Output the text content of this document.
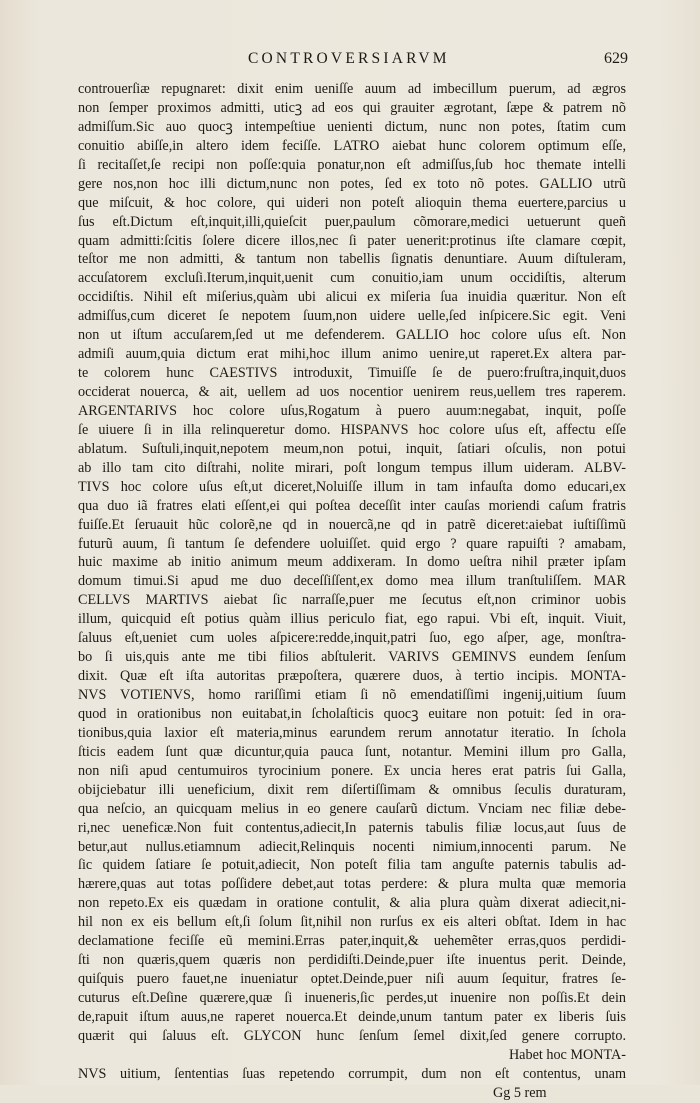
CONTROVERSIARVM	629
controuerſiæ repugnaret: dixit enim ueniſſe auum ad imbecillum puerum, ad ægros
non ſemper proximos admitti, uticꝫ ad eos qui grauiter ægrotant, ſæpe & patrem nõ
admiſſum.Sic auo quocꝫ intempeſtiue uenienti dictum, nunc non potes, ſtatim cum
conuitio abiſſe,in altero idem feciſſe. LATRO aiebat hunc colorem optimum eſſe,
ſi recitaſſet,ſe recipi non poſſe:quia ponatur,non eſt admiſſus,ſub hoc themate intelli
gere nos,non hoc illi dictum,nunc non potes, ſed ex toto nõ potes. GALLIO utrũ
que miſcuit, & hoc colore, qui uideri non poteſt alioquin thema euertere,parcius u
ſus eſt.Dictum eſt,inquit,illi,quieſcit puer,paulum cõmorare,medici uetuerunt queñ
quam admitti:ſcitis ſolere dicere illos,nec ſi pater uenerit:protinus iſte clamare cœpit,
teſtor me non admitti, & tantum non tabellis ſignatis denuntiare. Auum diſtuleram,
accuſatorem excluſi.Iterum,inquit,uenit cum conuitio,iam unum occidiſtis, alterum
occidiſtis. Nihil eſt miſerius,quàm ubi alicui ex miſeria ſua inuidia quæritur. Non eſt
admiſſus,cum diceret ſe nepotem ſuum,non uidere uelle,ſed inſpicere.Sic egit. Veni
non ut iſtum accuſarem,ſed ut me defenderem. GALLIO hoc colore uſus eſt. Non
admiſi auum,quia dictum erat mihi,hoc illum animo uenire,ut raperet.Ex altera par-
te colorem hunc CAESTIVS introduxit, Timuiſſe ſe de puero:fruſtra,inquit,duos
occiderat nouerca, & ait, uellem ad uos nocentior uenirem reus,uellem tres raperem.
ARGENTARIVS hoc colore uſus,Rogatum à puero auum:negabat, inquit, poſſe
ſe uiuere ſi in illa relinqueretur domo. HISPANVS hoc colore uſus eſt, affectu eſſe
ablatum. Suſtuli,inquit,nepotem meum,non potui, inquit, ſatiari oſculis, non potui
ab illo tam cito diſtrahi, nolite mirari, poſt longum tempus illum uideram. ALBV-
TIVS hoc colore uſus eſt,ut diceret,Noluiſſe illum in tam infauſta domo educari,ex
qua duo iã fratres elati eſſent,ei qui poſtea deceſſit inter cauſas moriendi caſum fratris
fuiſſe.Et ſeruauit hũc colorẽ,ne qd in nouercã,ne qd in patrẽ diceret:aiebat iuſtiſſimũ
futurũ auum, ſi tantum ſe defendere uoluiſſet. quid ergo ? quare rapuiſti ? amabam,
huic maxime ab initio animum meum addixeram. In domo ueſtra nihil præter ipſam
domum timui.Si apud me duo deceſſiſſent,ex domo mea illum tranſtuliſſem. MAR
CELLVS MARTIVS aiebat ſic narraſſe,puer me ſecutus eſt,non criminor uobis
illum, quicquid eſt potius quàm illius periculo fiat, ego rapui. Vbi eſt, inquit. Viuit,
ſaluus eſt,ueniet cum uoles aſpicere:redde,inquit,patri ſuo, ego aſper, age, monſtra-
bo ſi uis,quis ante me tibi filios abſtulerit. VARIVS GEMINVS eundem ſenſum
dixit. Quæ eſt iſta autoritas præpoſtera, quærere duos, à tertio incipis. MONTA-
NVS VOTIENVS, homo rariſſimi etiam ſi nõ emendatiſſimi ingenij,uitium ſuum
quod in orationibus non euitabat,in ſcholaſticis quocꝫ euitare non potuit: ſed in ora-
tionibus,quia laxior eſt materia,minus earundem rerum annotatur iteratio. In ſchola
ſticis eadem ſunt quæ dicuntur,quia pauca ſunt, notantur. Memini illum pro Galla,
non niſi apud centumuiros tyrocinium ponere. Ex uncia heres erat patris ſui Galla,
obijciebatur illi ueneficium, dixit rem diſertiſſimam & omnibus ſeculis duraturam,
qua neſcio, an quicquam melius in eo genere cauſarũ dictum. Vnciam nec filiæ debe-
ri,nec ueneficæ.Non fuit contentus,adiecit,In paternis tabulis filiæ locus,aut ſuus de
betur,aut nullus.etiamnum adiecit,Relinquis nocenti nimium,innocenti parum. Ne
ſic quidem ſatiare ſe potuit,adiecit, Non poteſt filia tam anguſte paternis tabulis ad-
hærere,quas aut totas poſſidere debet,aut totas perdere: & plura multa quæ memoria
non repeto.Ex eis quædam in oratione contulit, & alia plura quàm dixerat adiecit,ni-
hil non ex eis bellum eſt,ſi ſolum ſit,nihil non rurſus ex eis alteri obſtat. Idem in hac
declamatione feciſſe eũ memini.Erras pater,inquit,& uehemẽter erras,quos perdidi-
ſti non quæris,quem quæris non perdidiſti.Deinde,puer iſte inuentus perit. Deinde,
quiſquis puero fauet,ne inueniatur optet.Deinde,puer niſi auum ſequitur, fratres ſe-
cuturus eſt.Deſine quærere,quæ ſi inueneris,ſic perdes,ut inuenire non poſſis.Et dein
de,rapuit iſtum auus,ne raperet nouerca.Et deinde,unum tantum pater ex liberis ſuis
quærit qui ſaluus eſt. GLYCON hunc ſenſum ſemel dixit,ſed genere corrupto.
Habet hoc MONTA-
NVS uitium, ſententias ſuas repetendo corrumpit, dum non eſt contentus, unam
Gg 5 rem
